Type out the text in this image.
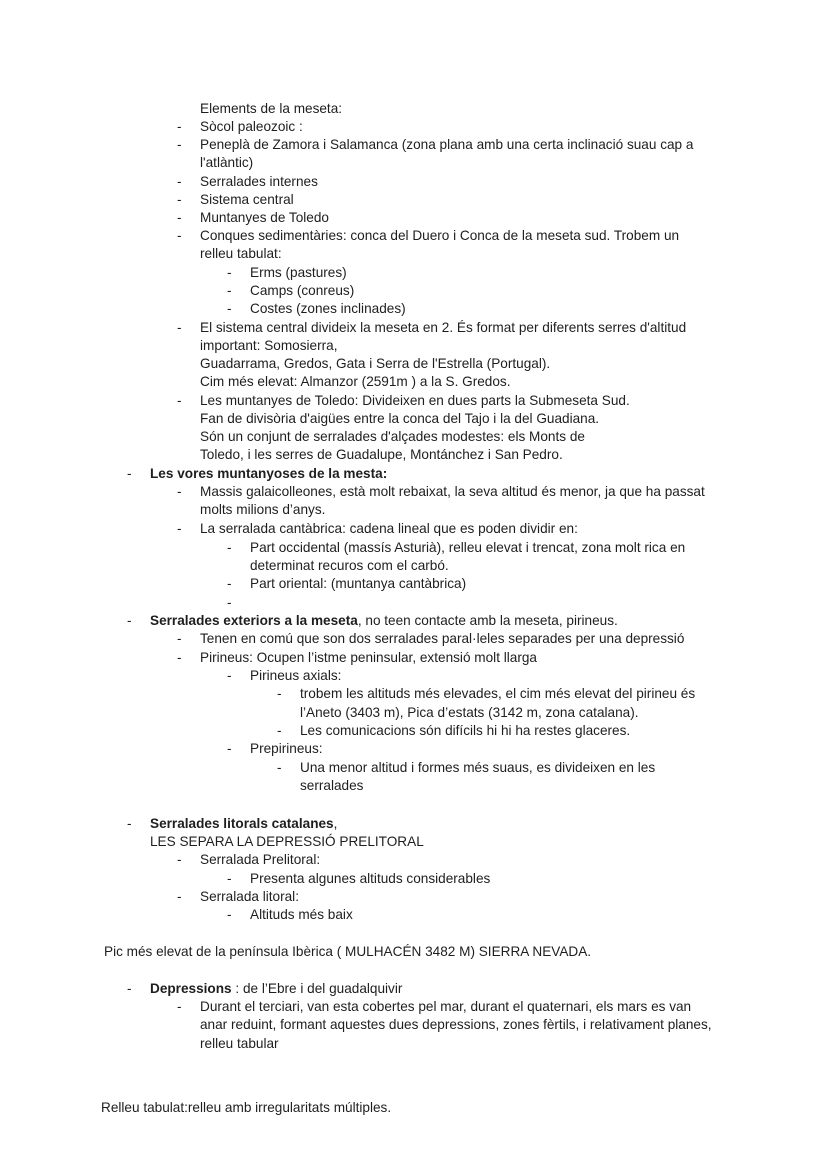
Elements de la meseta:
- Sòcol paleozoic :
- Peneplà de Zamora i Salamanca (zona plana amb una certa inclinació suau cap a
l'atlàntic)
- Serralades internes
- Sistema central
- Muntanyes de Toledo
- Conques sedimentàries: conca del Duero i Conca de la meseta sud. Trobem un
relleu tabulat:
- Erms (pastures)
- Camps (conreus)
- Costes (zones inclinades)
- El sistema central divideix la meseta en 2. És format per diferents serres d'altitud
important: Somosierra,
Guadarrama, Gredos, Gata i Serra de l'Estrella (Portugal).
Cim més elevat: Almanzor (2591m ) a la S. Gredos.
- Les muntanyes de Toledo: Divideixen en dues parts la Submeseta Sud.
Fan de divisòria d'aigües entre la conca del Tajo i la del Guadiana.
Són un conjunt de serralades d'alçades modestes: els Monts de
Toledo, i les serres de Guadalupe, Montánchez i San Pedro.
- Les vores muntanyoses de la mesta:
- Massis galaicolleones, està molt rebaixat, la seva altitud és menor, ja que ha passat
molts milions d’anys.
- La serralada cantàbrica: cadena lineal que es poden dividir en:
- Part occidental (massís Asturià), relleu elevat i trencat, zona molt rica en
determinat recuros com el carbó.
- Part oriental: (muntanya cantàbrica)
-
- Serralades exteriors a la meseta, no teen contacte amb la meseta, pirineus.
- Tenen en comú que son dos serralades paral·leles separades per una depressió
- Pirineus: Ocupen l’istme peninsular, extensió molt llarga
- Pirineus axials:
- trobem les altituds més elevades, el cim més elevat del pirineu és
l’Aneto (3403 m), Pica d’estats (3142 m, zona catalana).
- Les comunicacions són difícils hi hi ha restes glaceres.
- Prepirineus:
- Una menor altitud i formes més suaus, es divideixen en les
serralades
- Serralades litorals catalanes,
LES SEPARA LA DEPRESSIÓ PRELITORAL
- Serralada Prelitoral:
- Presenta algunes altituds considerables
- Serralada litoral:
- Altituds més baix
Pic més elevat de la península Ibèrica ( MULHACÉN 3482 M) SIERRA NEVADA.
- Depressions : de l’Ebre i del guadalquivir
- Durant el terciari, van esta cobertes pel mar, durant el quaternari, els mars es van
anar reduint, formant aquestes dues depressions, zones fèrtils, i relativament planes,
relleu tabular
Relleu tabulat:relleu amb irregularitats múltiples.
